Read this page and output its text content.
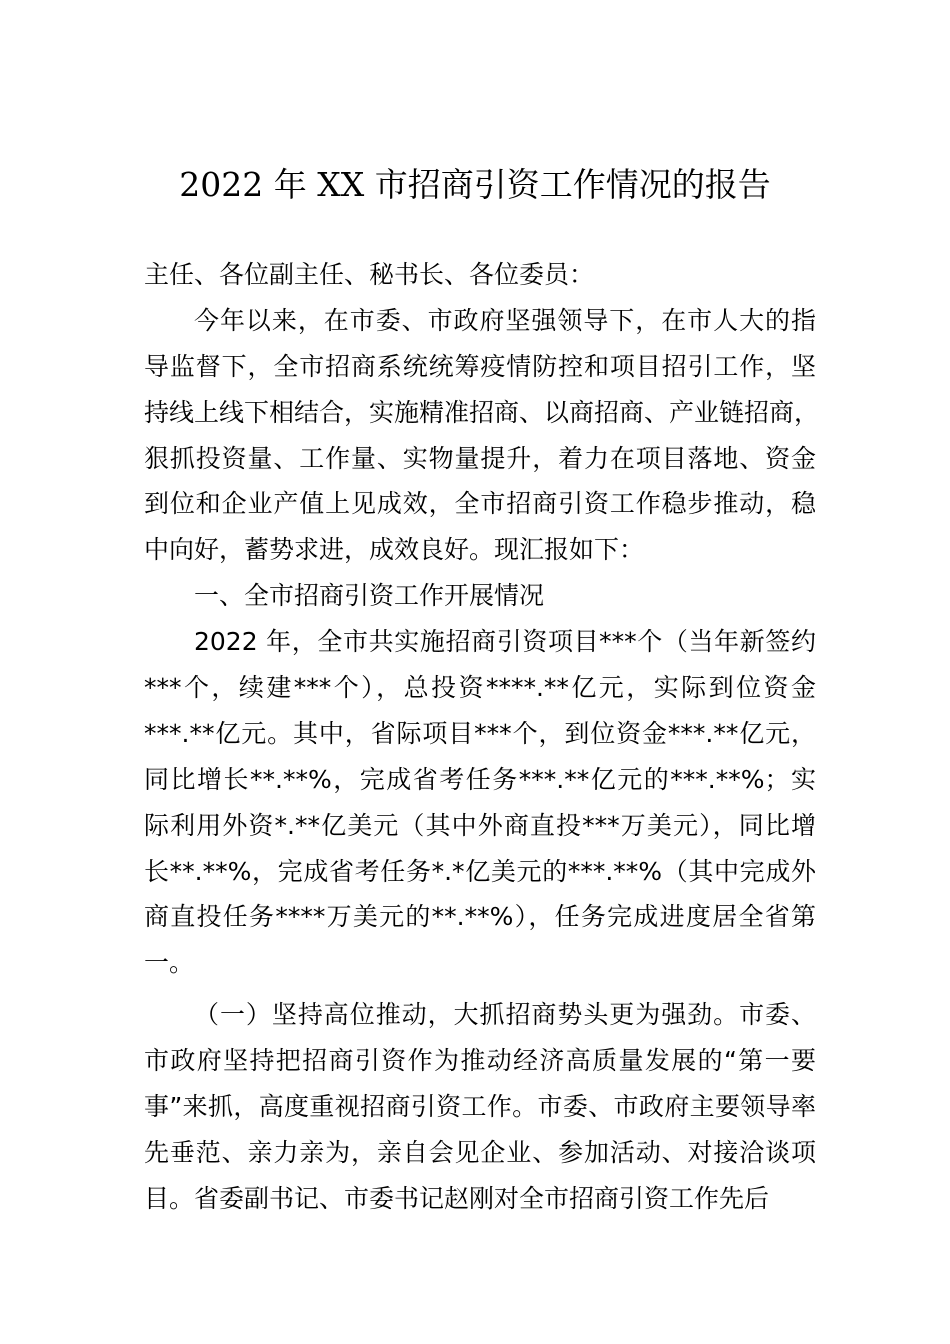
2022 年 XX 市招商引资工作情况的报告
主任、各位副主任、秘书长、各位委员：
今年以来，在市委、市政府坚强领导下，在市人大的指
导监督下，全市招商系统统筹疫情防控和项目招引工作，坚
持线上线下相结合，实施精准招商、以商招商、产业链招商，
狠抓投资量、工作量、实物量提升，着力在项目落地、资金
到位和企业产值上见成效，全市招商引资工作稳步推动，稳
中向好，蓄势求进，成效良好。现汇报如下：
一、全市招商引资工作开展情况
2022 年，全市共实施招商引资项目***个（当年新签约
***个，续建***个），总投资****.**亿元，实际到位资金
***.**亿元。其中，省际项目***个，到位资金***.**亿元，
同比增长**.**%，完成省考任务***.**亿元的***.**%；实
际利用外资*.**亿美元（其中外商直投***万美元），同比增
长**.**%，完成省考任务*.*亿美元的***.**%（其中完成外
商直投任务****万美元的**.**%），任务完成进度居全省第
一。
（一）坚持高位推动，大抓招商势头更为强劲。市委、
市政府坚持把招商引资作为推动经济高质量发展的“第一要
事”来抓，高度重视招商引资工作。市委、市政府主要领导率
先垂范、亲力亲为，亲自会见企业、参加活动、对接洽谈项
目。省委副书记、市委书记赵刚对全市招商引资工作先后
